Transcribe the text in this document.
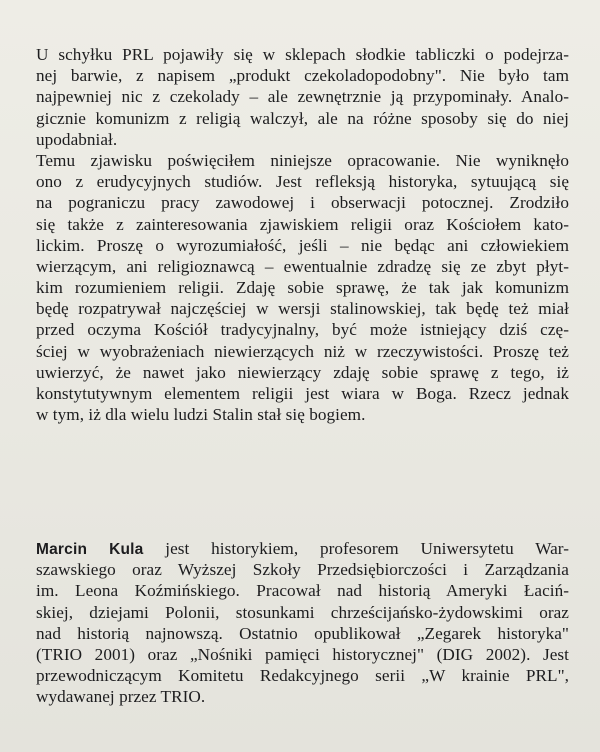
U schyłku PRL pojawiły się w sklepach słodkie tabliczki o podejrza-
nej barwie, z napisem „produkt czekoladopodobny". Nie było tam
najpewniej nic z czekolady – ale zewnętrznie ją przypominały. Analo-
gicznie komunizm z religią walczył, ale na różne sposoby się do niej
upodabniał.
Temu zjawisku poświęciłem niniejsze opracowanie. Nie wyniknęło
ono z erudycyjnych studiów. Jest refleksją historyka, sytuującą się
na pograniczu pracy zawodowej i obserwacji potocznej. Zrodziło
się także z zainteresowania zjawiskiem religii oraz Kościołem kato-
lickim. Proszę o wyrozumiałość, jeśli – nie będąc ani człowiekiem
wierzącym, ani religioznawcą – ewentualnie zdradzę się ze zbyt płyt-
kim rozumieniem religii. Zdaję sobie sprawę, że tak jak komunizm
będę rozpatrywał najczęściej w wersji stalinowskiej, tak będę też miał
przed oczyma Kościół tradycyjnalny, być może istniejący dziś czę-
ściej w wyobrażeniach niewierzących niż w rzeczywistości. Proszę też
uwierzyć, że nawet jako niewierzący zdaję sobie sprawę z tego, iż
konstytutywnym elementem religii jest wiara w Boga. Rzecz jednak
w tym, iż dla wielu ludzi Stalin stał się bogiem.
Marcin Kula jest historykiem, profesorem Uniwersytetu War-
szawskiego oraz Wyższej Szkoły Przedsiębiorczości i Zarządzania
im. Leona Koźmińskiego. Pracował nad historią Ameryki Łaciń-
skiej, dziejami Polonii, stosunkami chrześcijańsko-żydowskimi oraz
nad historią najnowszą. Ostatnio opublikował „Zegarek historyka"
(TRIO 2001) oraz „Nośniki pamięci historycznej" (DIG 2002). Jest
przewodniczącym Komitetu Redakcyjnego serii „W krainie PRL",
wydawanej przez TRIO.
